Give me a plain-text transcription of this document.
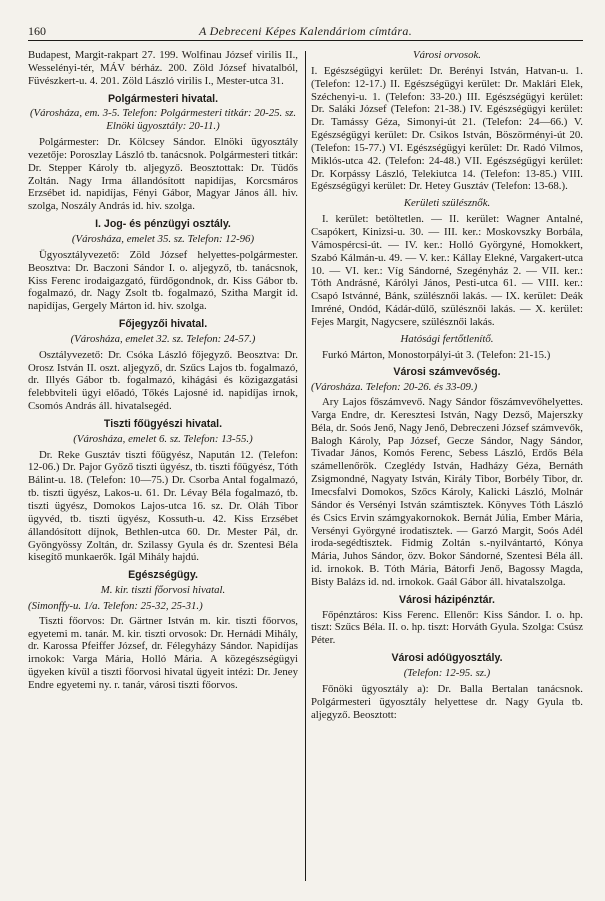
160	A Debreceni Képes Kalendáriom címtára.

Budapest, Margit-rakpart 27. 199. Wolfinau József virilis II., Wesselényi-tér, MÁV bérház. 200. Zöld József hivatalból, Füvészkert-u. 4. 201. Zöld László virilis I., Mester-utca 31.

Polgármesteri hivatal.

(Városháza, em. 3-5. Telefon: Polgármesteri titkár: 20-25. sz. Elnöki ügyosztály: 20-11.)

Polgármester: Dr. Kölcsey Sándor. Elnöki ügyosztály vezetője: Poroszlay László tb. tanácsnok. Polgármesteri titkár: Dr. Stepper Károly tb. aljegyző. Beosztottak: Dr. Tüdős Zoltán. Nagy Irma állandósított napidíjas, Korcsmáros Erzsébet id. napidíjas, Fényi Gábor, Magyar János áll. hiv. szolga, Noszály András id. hiv. szolga.

I. Jog- és pénzügyi osztály.

(Városháza, emelet 35. sz. Telefon: 12-96)

Ügyosztályvezető: Zöld József helyettes-polgármester. Beosztva: Dr. Baczoni Sándor I. o. aljegyző, tb. tanácsnok, Kiss Ferenc irodaigazgató, fürdőgondnok, dr. Kiss Gábor tb. fogalmazó, dr. Nagy Zsolt tb. fogalmazó, Szitha Margit id. napidíjas, Gergely Márton id. hiv. szolga.

Főjegyzői hivatal.

(Városháza, emelet 32. sz. Telefon: 24-57.)

Osztályvezető: Dr. Csóka László főjegyző. Beosztva: Dr. Orosz István II. oszt. aljegyző, dr. Szűcs Lajos tb. fogalmazó, dr. Illyés Gábor tb. fogalmazó, kihágási és közigazgatási felebbviteli ügyi előadó, Tőkés Lajosné id. napidíjas irnok, Csomós András áll. hivatalsegéd.

Tiszti főügyészi hivatal.

(Városháza, emelet 6. sz. Telefon: 13-55.)

Dr. Reke Gusztáv tiszti főügyész, Napután 12. (Telefon: 12-06.) Dr. Pajor Győző tiszti ügyész, tb. tiszti főügyész, Tóth Bálint-u. 18. (Telefon: 10—75.) Dr. Csorba Antal fogalmazó, tb. tiszti ügyész, Lakos-u. 61. Dr. Lévay Béla fogalmazó, tb. tiszti ügyész, Domokos Lajos-utca 16. sz. Dr. Oláh Tibor ügyvéd, tb. tiszti ügyész, Kossuth-u. 42. Kiss Erzsébet állandósított díjnok, Bethlen-utca 60. Dr. Mester Pál, dr. Gyöngyössy Zoltán, dr. Szilassy Gyula és dr. Szentesi Béla kisegítő munkaerők. Igál Mihály hajdú.

Egészségügy.

M. kir. tiszti főorvosi hivatal.

(Simonffy-u. 1/a. Telefon: 25-32, 25-31.)

Tiszti főorvos: Dr. Gärtner István m. kir. tiszti főorvos, egyetemi m. tanár. M. kir. tiszti orvosok: Dr. Hernádi Mihály, dr. Karossa Pfeiffer József, dr. Félegyházy Sándor. Napidíjas irnokok: Varga Mária, Holló Mária. A közegészségügyi ügyeken kívül a tiszti főorvosi hivatal ügyeit intézi: Dr. Jeney Endre egyetemi ny. r. tanár, városi tiszti főorvos.

Városi orvosok.

I. Egészségügyi kerület: Dr. Berényi István, Hatvan-u. 1. (Telefon: 12-17.) II. Egészségügyi kerület: Dr. Maklári Elek, Széchenyi-u. 1. (Telefon: 33-20.) III. Egészségügyi kerület: Dr. Saláki József (Telefon: 21-38.) IV. Egészségügyi kerület: Dr. Tamássy Géza, Simonyi-út 21. (Telefon: 24—66.) V. Egészségügyi kerület: Dr. Csikos István, Böszörményi-út 20. (Telefon: 15-77.) VI. Egészségügyi kerület: Dr. Radó Vilmos, Miklós-utca 42. (Telefon: 24-48.) VII. Egészségügyi kerület: Dr. Korpássy László, Telekiutca 14. (Telefon: 13-85.) VIII. Egészségügyi kerület: Dr. Hetey Gusztáv (Telefon: 13-68.).

Kerületi szülésznők.

I. kerület: betöltetlen. — II. kerület: Wagner Antalné, Csapókert, Kinizsi-u. 30. — III. ker.: Moskovszky Borbála, Vámospércsi-út. — IV. ker.: Holló Györgyné, Homokkert, Szabó Kálmán-u. 49. — V. ker.: Kállay Elekné, Vargakert-utca 10. — VI. ker.: Víg Sándorné, Szegényház 2. — VII. ker.: Tóth Andrásné, Kárólyi János, Pesti-utca 61. — VIII. ker.: Csapó Istvánné, Bánk, szülésznői lakás. — IX. kerület: Deák Imréné, Ondód, Kádár-dűlő, szülésznői lakás. — X. kerület: Fejes Margit, Nagycsere, szülésznői lakás.

Hatósági fertőtlenítő.

Furkó Márton, Monostorpályi-út 3. (Telefon: 21-15.)

Városi számvevőség.

(Városháza. Telefon: 20-26. és 33-09.)

Ary Lajos főszámvevő. Nagy Sándor főszámvevőhelyettes. Varga Endre, dr. Keresztesi István, Nagy Dezső, Majerszky Béla, dr. Soós Jenő, Nagy Jenő, Debreczeni József számvevők, Balogh Károly, Pap József, Gecze Sándor, Nagy Sándor, Tivadar János, Komós Ferenc, Sebess László, Erdős Béla számellenőrök. Czeglédy István, Hadházy Géza, Bernáth Zsigmondné, Nagyaty István, Király Tibor, Borbély Tibor, dr. Imecsfalvi Domokos, Szőcs Károly, Kalicki László, Molnár Sándor és Versényi István számtisztek. Könyves Tóth László és Csics Ervin számgyakornokok. Bernát Júlia, Ember Mária, Versényi Györgyné irodatisztek. — Garzó Margit, Soós Adél iroda-segédtisztek. Fidmig Zoltán s.-nyilvántartó, Kónya Mária, Juhos Sándor, özv. Bokor Sándorné, Szentesi Béla áll. id. irnokok. B. Tóth Mária, Bátorfi Jenő, Bagossy Magda, Bisty Balázs id. nd. irnokok. Gaál Gábor áll. hivatalszolga.

Városi házipénztár.

Főpénztáros: Kiss Ferenc. Ellenőr: Kiss Sándor. I. o. hp. tiszt: Szűcs Béla. II. o. hp. tiszt: Horváth Gyula. Szolga: Csúsz Péter.

Városi adóügyosztály.

(Telefon: 12-95. sz.)

Főnöki ügyosztály a): Dr. Balla Bertalan tanácsnok. Polgármesteri ügyosztály helyettese dr. Nagy Gyula tb. aljegyző. Beosztott:
